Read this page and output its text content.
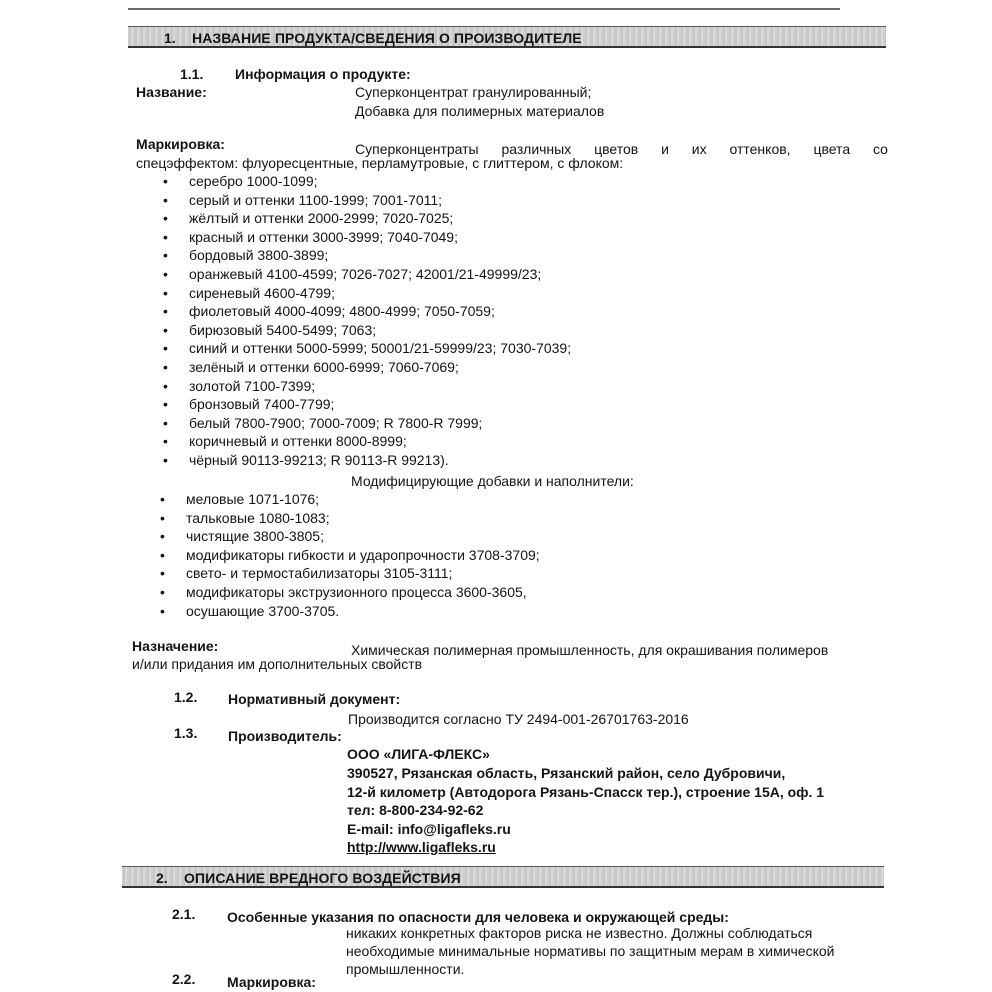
1. НАЗВАНИЕ ПРОДУКТА/СВЕДЕНИЯ О ПРОИЗВОДИТЕЛЕ
1.1. Информация о продукте:
Название:	Суперконцентрат гранулированный;
Добавка для полимерных материалов
Маркировка:	Суперконцентраты различных цветов и их оттенков, цвета со
спецэффектом: флуоресцентные, перламутровые, с глиттером, с флоком:
• серебро 1000-1099;
• серый и оттенки 1100-1999; 7001-7011;
• жёлтый и оттенки 2000-2999; 7020-7025;
• красный и оттенки 3000-3999; 7040-7049;
• бордовый 3800-3899;
• оранжевый 4100-4599; 7026-7027; 42001/21-49999/23;
• сиреневый 4600-4799;
• фиолетовый 4000-4099; 4800-4999; 7050-7059;
• бирюзовый 5400-5499; 7063;
• синий и оттенки 5000-5999; 50001/21-59999/23; 7030-7039;
• зелёный и оттенки 6000-6999; 7060-7069;
• золотой 7100-7399;
• бронзовый 7400-7799;
• белый 7800-7900; 7000-7009; R 7800-R 7999;
• коричневый и оттенки 8000-8999;
• чёрный 90113-99213; R 90113-R 99213).
Модифицирующие добавки и наполнители:
• меловые 1071-1076;
• тальковые 1080-1083;
• чистящие 3800-3805;
• модификаторы гибкости и ударопрочности 3708-3709;
• свето- и термостабилизаторы 3105-3111;
• модификаторы экструзионного процесса 3600-3605,
• осушающие 3700-3705.
Назначение:	Химическая полимерная промышленность, для окрашивания полимеров
и/или придания им дополнительных свойств
1.2. Нормативный документ:
Производится согласно ТУ 2494-001-26701763-2016
1.3. Производитель:
ООО «ЛИГА-ФЛЕКС»
390527, Рязанская область, Рязанский район, село Дубровичи,
12-й километр (Автодорога Рязань-Спасск тер.), строение 15А, оф. 1
тел: 8-800-234-92-62
E-mail: info@ligafleks.ru
http://www.ligafleks.ru
2. ОПИСАНИЕ ВРЕДНОГО ВОЗДЕЙСТВИЯ
2.1. Особенные указания по опасности для человека и окружающей среды:
никаких конкретных факторов риска не известно. Должны соблюдаться
необходимые минимальные нормативы по защитным мерам в химической
промышленности.
2.2. Маркировка:
